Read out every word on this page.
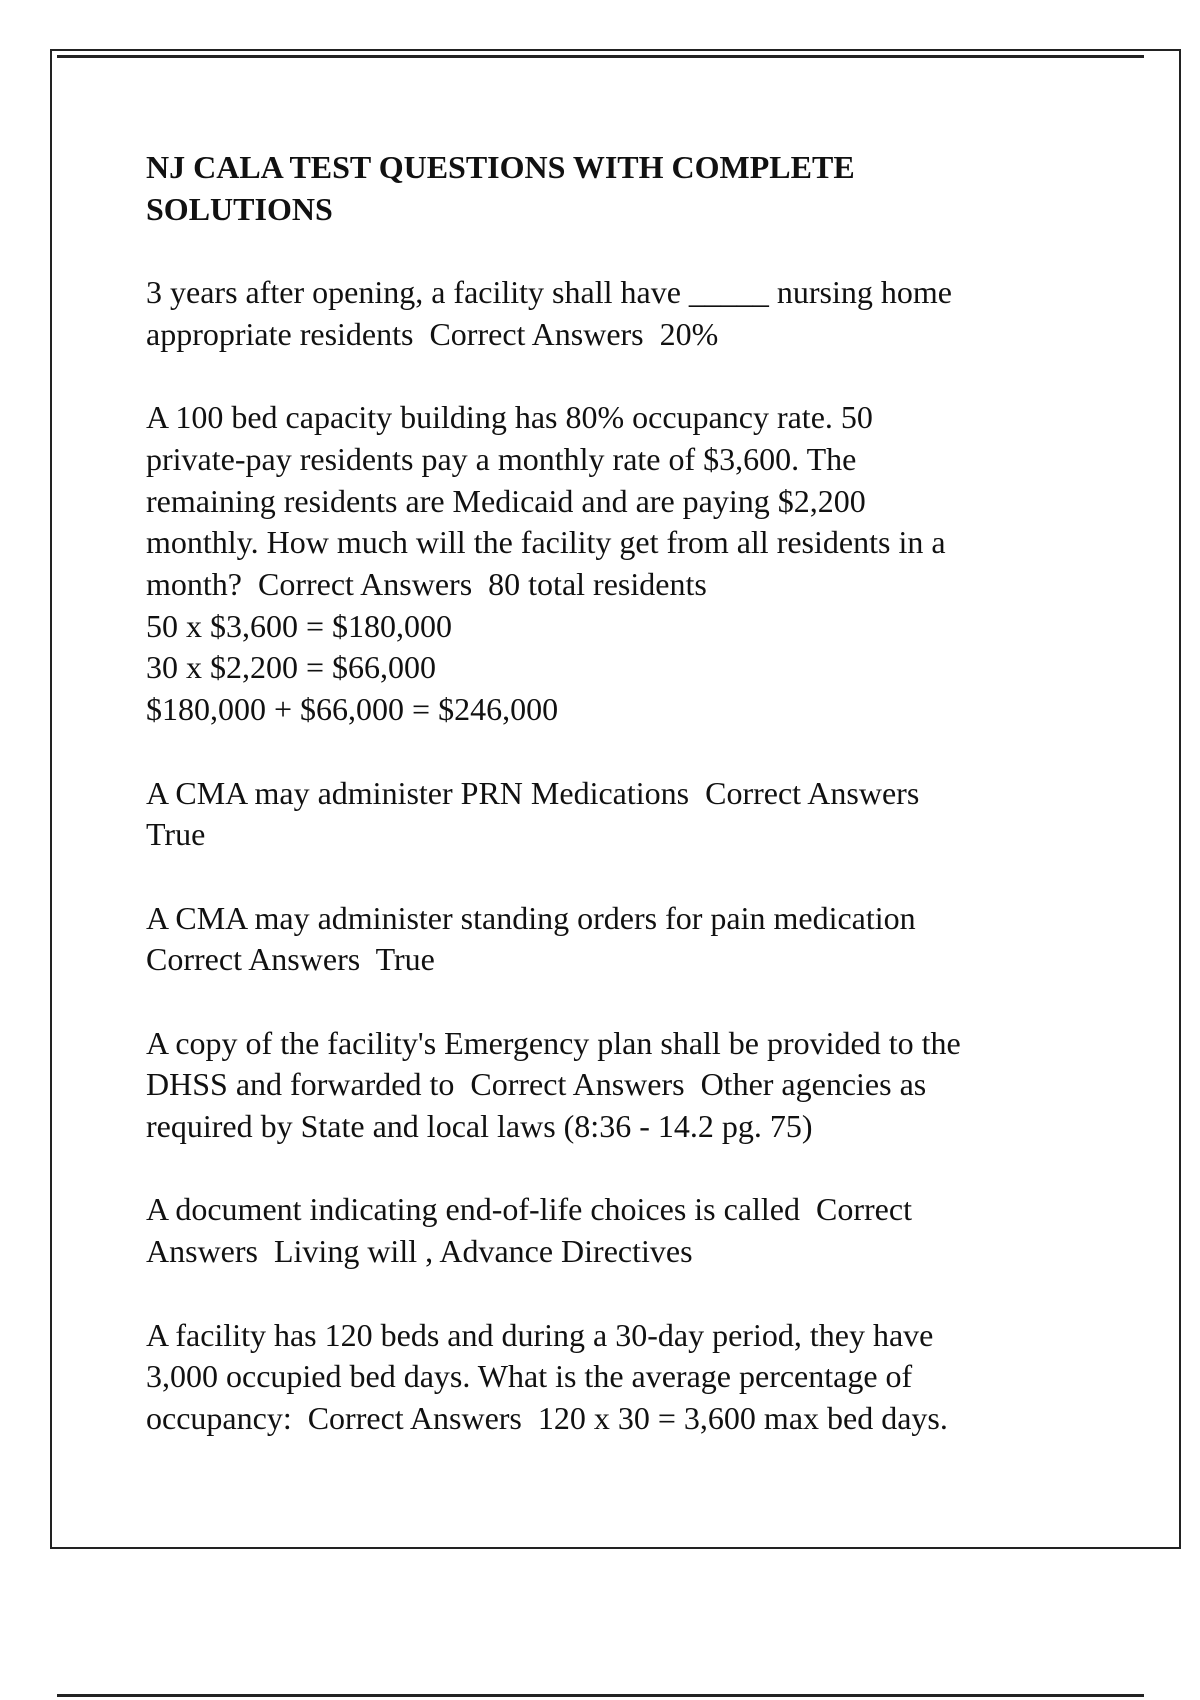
NJ CALA TEST QUESTIONS WITH COMPLETE
SOLUTIONS
3 years after opening, a facility shall have _____ nursing home
appropriate residents  Correct Answers  20%
A 100 bed capacity building has 80% occupancy rate. 50
private-pay residents pay a monthly rate of $3,600. The
remaining residents are Medicaid and are paying $2,200
monthly. How much will the facility get from all residents in a
month?  Correct Answers  80 total residents
50 x $3,600 = $180,000
30 x $2,200 = $66,000
$180,000 + $66,000 = $246,000
A CMA may administer PRN Medications  Correct Answers
True
A CMA may administer standing orders for pain medication
Correct Answers  True
A copy of the facility's Emergency plan shall be provided to the
DHSS and forwarded to  Correct Answers  Other agencies as
required by State and local laws (8:36 - 14.2 pg. 75)
A document indicating end-of-life choices is called  Correct
Answers  Living will , Advance Directives
A facility has 120 beds and during a 30-day period, they have
3,000 occupied bed days. What is the average percentage of
occupancy:  Correct Answers  120 x 30 = 3,600 max bed days.
